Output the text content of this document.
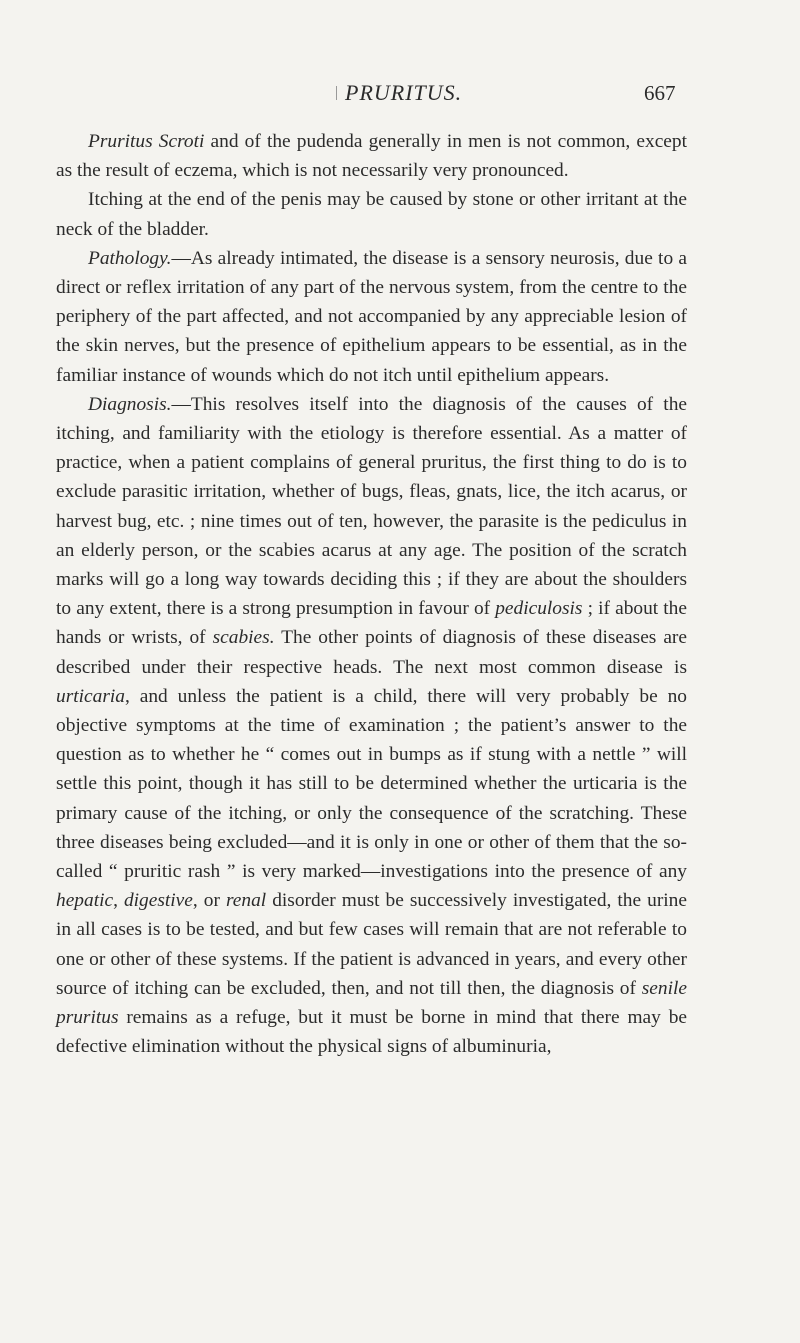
PRURITUS.	667

Pruritus Scroti and of the pudenda generally in men is not common, except as the result of eczema, which is not necessarily very pronounced.

Itching at the end of the penis may be caused by stone or other irritant at the neck of the bladder.

Pathology.—As already intimated, the disease is a sensory neurosis, due to a direct or reflex irritation of any part of the nervous system, from the centre to the periphery of the part affected, and not accompanied by any appreciable lesion of the skin nerves, but the presence of epithelium appears to be essential, as in the familiar instance of wounds which do not itch until epithelium appears.

Diagnosis.—This resolves itself into the diagnosis of the causes of the itching, and familiarity with the etiology is therefore essential. As a matter of practice, when a patient complains of general pruritus, the first thing to do is to exclude parasitic irritation, whether of bugs, fleas, gnats, lice, the itch acarus, or harvest bug, etc. ; nine times out of ten, however, the parasite is the pediculus in an elderly person, or the scabies acarus at any age. The position of the scratch marks will go a long way towards deciding this ; if they are about the shoulders to any extent, there is a strong presumption in favour of pediculosis ; if about the hands or wrists, of scabies. The other points of diagnosis of these diseases are described under their respective heads. The next most common disease is urticaria, and unless the patient is a child, there will very probably be no objective symptoms at the time of examination ; the patient’s answer to the question as to whether he “ comes out in bumps as if stung with a nettle ” will settle this point, though it has still to be determined whether the urticaria is the primary cause of the itching, or only the consequence of the scratching. These three diseases being excluded—and it is only in one or other of them that the so-called “ pruritic rash ” is very marked—investigations into the presence of any hepatic, digestive, or renal disorder must be successively investigated, the urine in all cases is to be tested, and but few cases will remain that are not referable to one or other of these systems. If the patient is advanced in years, and every other source of itching can be excluded, then, and not till then, the diagnosis of senile pruritus remains as a refuge, but it must be borne in mind that there may be defective elimination without the physical signs of albuminuria,
